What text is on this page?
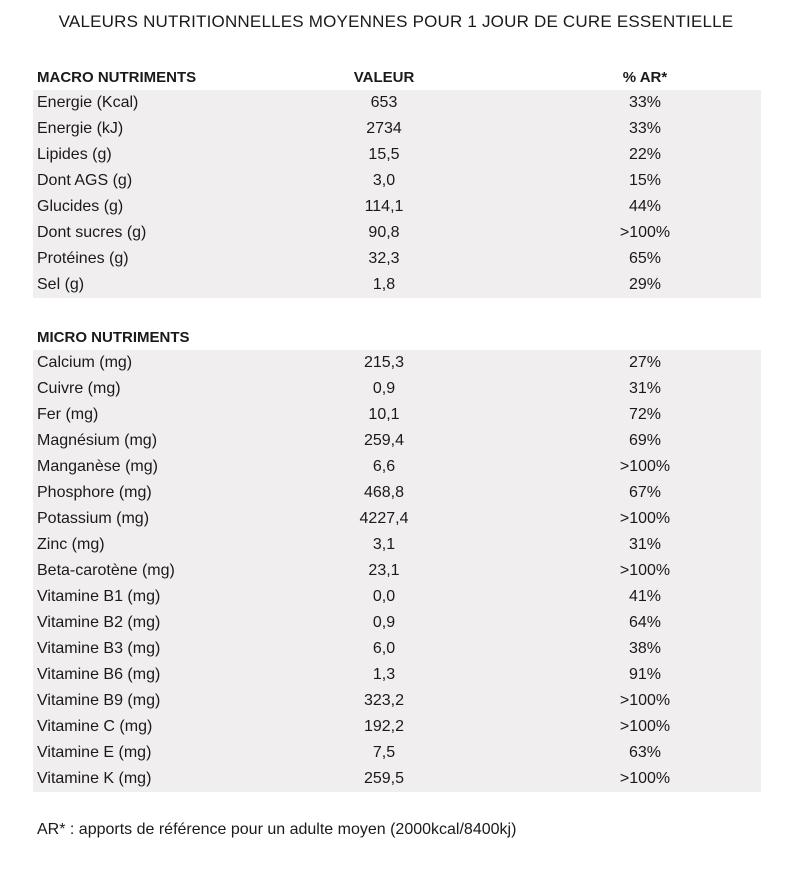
VALEURS NUTRITIONNELLES MOYENNES POUR 1 JOUR DE CURE ESSENTIELLE
MACRO NUTRIMENTS	VALEUR	% AR*
Energie (Kcal)	653	33%
Energie (kJ)	2734	33%
Lipides (g)	15,5	22%
Dont AGS (g)	3,0	15%
Glucides (g)	114,1	44%
Dont sucres (g)	90,8	>100%
Protéines (g)	32,3	65%
Sel (g)	1,8	29%
MICRO NUTRIMENTS
Calcium (mg)	215,3	27%
Cuivre (mg)	0,9	31%
Fer (mg)	10,1	72%
Magnésium (mg)	259,4	69%
Manganèse (mg)	6,6	>100%
Phosphore (mg)	468,8	67%
Potassium (mg)	4227,4	>100%
Zinc (mg)	3,1	31%
Beta-carotène (mg)	23,1	>100%
Vitamine B1 (mg)	0,0	41%
Vitamine B2 (mg)	0,9	64%
Vitamine B3 (mg)	6,0	38%
Vitamine B6 (mg)	1,3	91%
Vitamine B9 (mg)	323,2	>100%
Vitamine C (mg)	192,2	>100%
Vitamine E (mg)	7,5	63%
Vitamine K (mg)	259,5	>100%
AR* : apports de référence pour un adulte moyen (2000kcal/8400kj)
